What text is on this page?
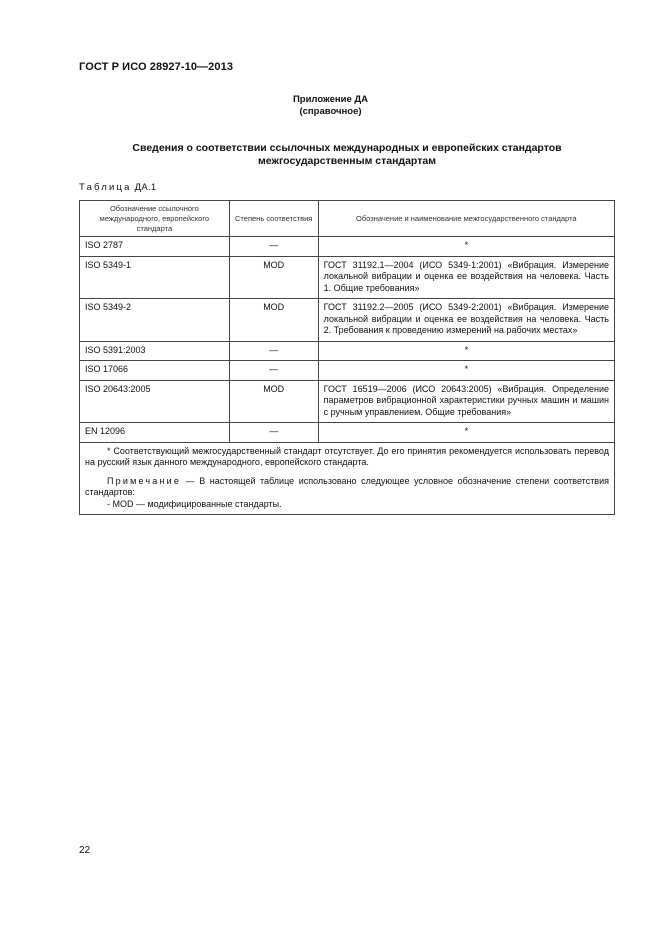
ГОСТ Р ИСО 28927-10—2013
Приложение ДА
(справочное)
Сведения о соответствии ссылочных международных и европейских стандартов
межгосударственным стандартам
Таблица ДА.1
Обозначение ссылочного международного, европейского стандарта	Степень соответствия	Обозначение и наименование межгосударственного стандарта
ISO 2787	—	*
ISO 5349-1	MOD	ГОСТ 31192.1—2004 (ИСО 5349-1:2001) «Вибрация. Измерение локальной вибрации и оценка ее воздействия на человека. Часть 1. Общие требования»
ISO 5349-2	MOD	ГОСТ 31192.2—2005 (ИСО 5349-2:2001) «Вибрация. Измерение локальной вибрации и оценка ее воздействия на человека. Часть 2. Требования к проведению измерений на рабочих местах»
ISO 5391:2003	—	*
ISO 17066	—	*
ISO 20643:2005	MOD	ГОСТ 16519—2006 (ИСО 20643:2005) «Вибрация. Определение параметров вибрационной характеристики ручных машин и машин с ручным управлением. Общие требования»
EN 12096	—	*

* Соответствующий межгосударственный стандарт отсутствует. До его принятия рекомендуется использовать перевод на русский язык данного международного, европейского стандарта.

Примечание — В настоящей таблице использовано следующее условное обозначение степени соответствия стандартов:

- MOD — модифицированные стандарты.		

22
